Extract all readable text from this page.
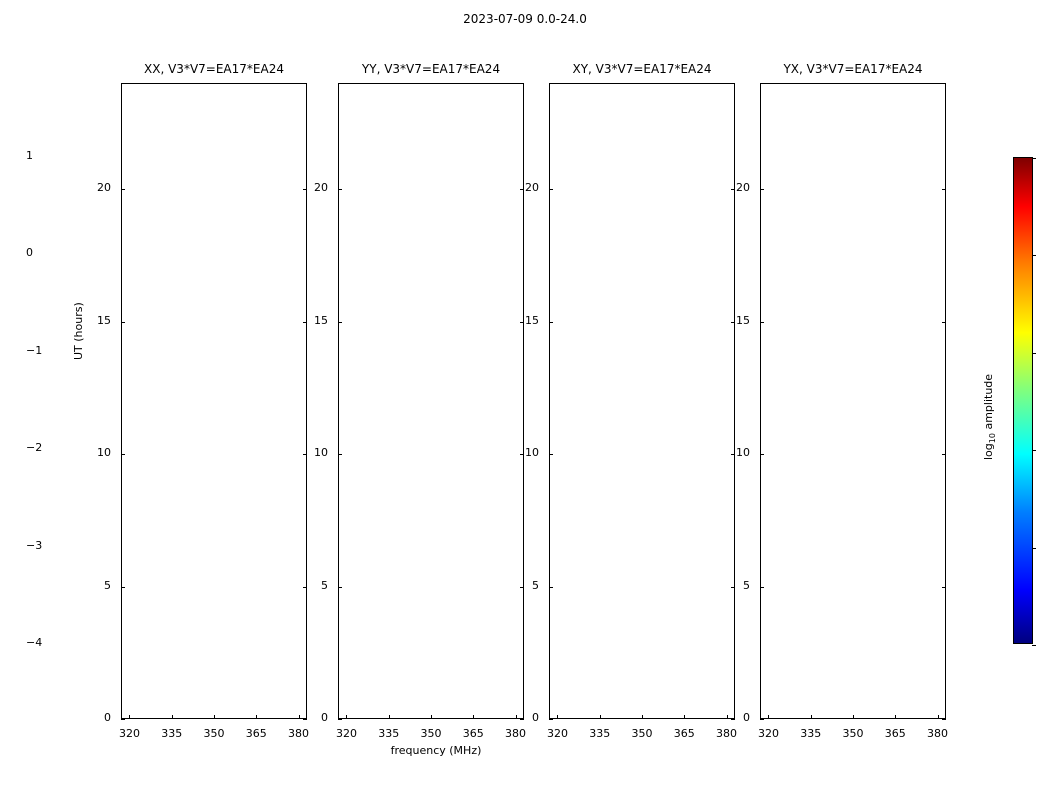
2023-07-09 0.0-24.0
XX, V3*V7=EA17*EA24
320	335	350	365	380
0
5
10
15
20
YY, V3*V7=EA17*EA24
320	335	350	365	380
0
5
10
15
20
XY, V3*V7=EA17*EA24
320	335	350	365	380
0
5
10
15
20
YX, V3*V7=EA17*EA24
320	335	350	365	380
0
5
10
15
20
UT (hours)
frequency (MHz)
$\log_{10}$ amplitude
1
0
−1
−2
−3
−4
